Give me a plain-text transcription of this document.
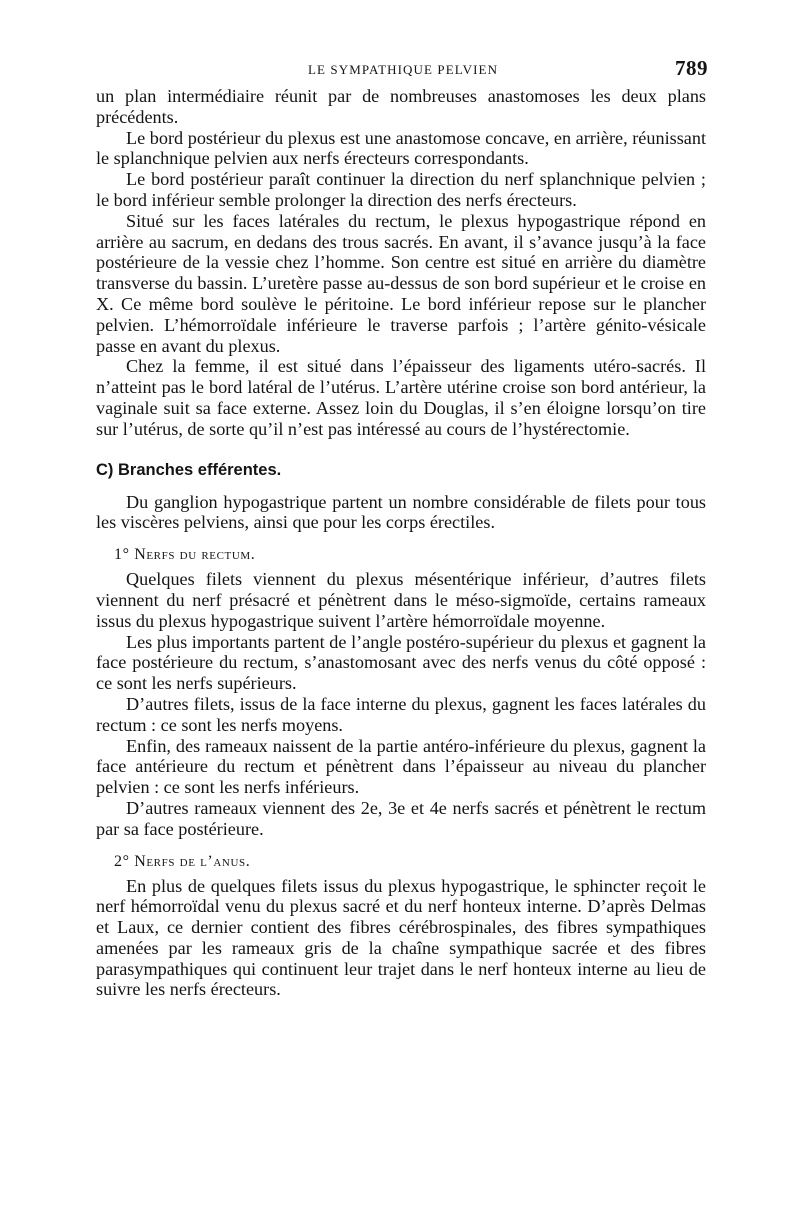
LE SYMPATHIQUE PELVIEN	789

un plan intermédiaire réunit par de nombreuses anastomoses les deux plans précédents.

Le bord postérieur du plexus est une anastomose concave, en arrière, réunissant le splanchnique pelvien aux nerfs érecteurs correspondants.

Le bord postérieur paraît continuer la direction du nerf splanchnique pelvien ; le bord inférieur semble prolonger la direction des nerfs érecteurs.

Situé sur les faces latérales du rectum, le plexus hypogastrique répond en arrière au sacrum, en dedans des trous sacrés. En avant, il s’avance jusqu’à la face postérieure de la vessie chez l’homme. Son centre est situé en arrière du diamètre transverse du bassin. L’uretère passe au-dessus de son bord supérieur et le croise en X. Ce même bord soulève le péritoine. Le bord inférieur repose sur le plancher pelvien. L’hémorroïdale inférieure le traverse parfois ; l’artère génito-vésicale passe en avant du plexus.

Chez la femme, il est situé dans l’épaisseur des ligaments utéro-sacrés. Il n’atteint pas le bord latéral de l’utérus. L’artère utérine croise son bord antérieur, la vaginale suit sa face externe. Assez loin du Douglas, il s’en éloigne lorsqu’on tire sur l’utérus, de sorte qu’il n’est pas intéressé au cours de l’hystérectomie.

C) Branches efférentes.

Du ganglion hypogastrique partent un nombre considérable de filets pour tous les viscères pelviens, ainsi que pour les corps érectiles.

1° Nerfs du rectum.

Quelques filets viennent du plexus mésentérique inférieur, d’autres filets viennent du nerf présacré et pénètrent dans le méso-sigmoïde, certains rameaux issus du plexus hypogastrique suivent l’artère hémorroïdale moyenne.

Les plus importants partent de l’angle postéro-supérieur du plexus et gagnent la face postérieure du rectum, s’anastomosant avec des nerfs venus du côté opposé : ce sont les nerfs supérieurs.

D’autres filets, issus de la face interne du plexus, gagnent les faces latérales du rectum : ce sont les nerfs moyens.

Enfin, des rameaux naissent de la partie antéro-inférieure du plexus, gagnent la face antérieure du rectum et pénètrent dans l’épaisseur au niveau du plancher pelvien : ce sont les nerfs inférieurs.

D’autres rameaux viennent des 2e, 3e et 4e nerfs sacrés et pénètrent le rectum par sa face postérieure.

2° Nerfs de l’anus.

En plus de quelques filets issus du plexus hypogastrique, le sphincter reçoit le nerf hémorroïdal venu du plexus sacré et du nerf honteux interne. D’après Delmas et Laux, ce dernier contient des fibres cérébrospinales, des fibres sympathiques amenées par les rameaux gris de la chaîne sympathique sacrée et des fibres parasympathiques qui continuent leur trajet dans le nerf honteux interne au lieu de suivre les nerfs érecteurs.
